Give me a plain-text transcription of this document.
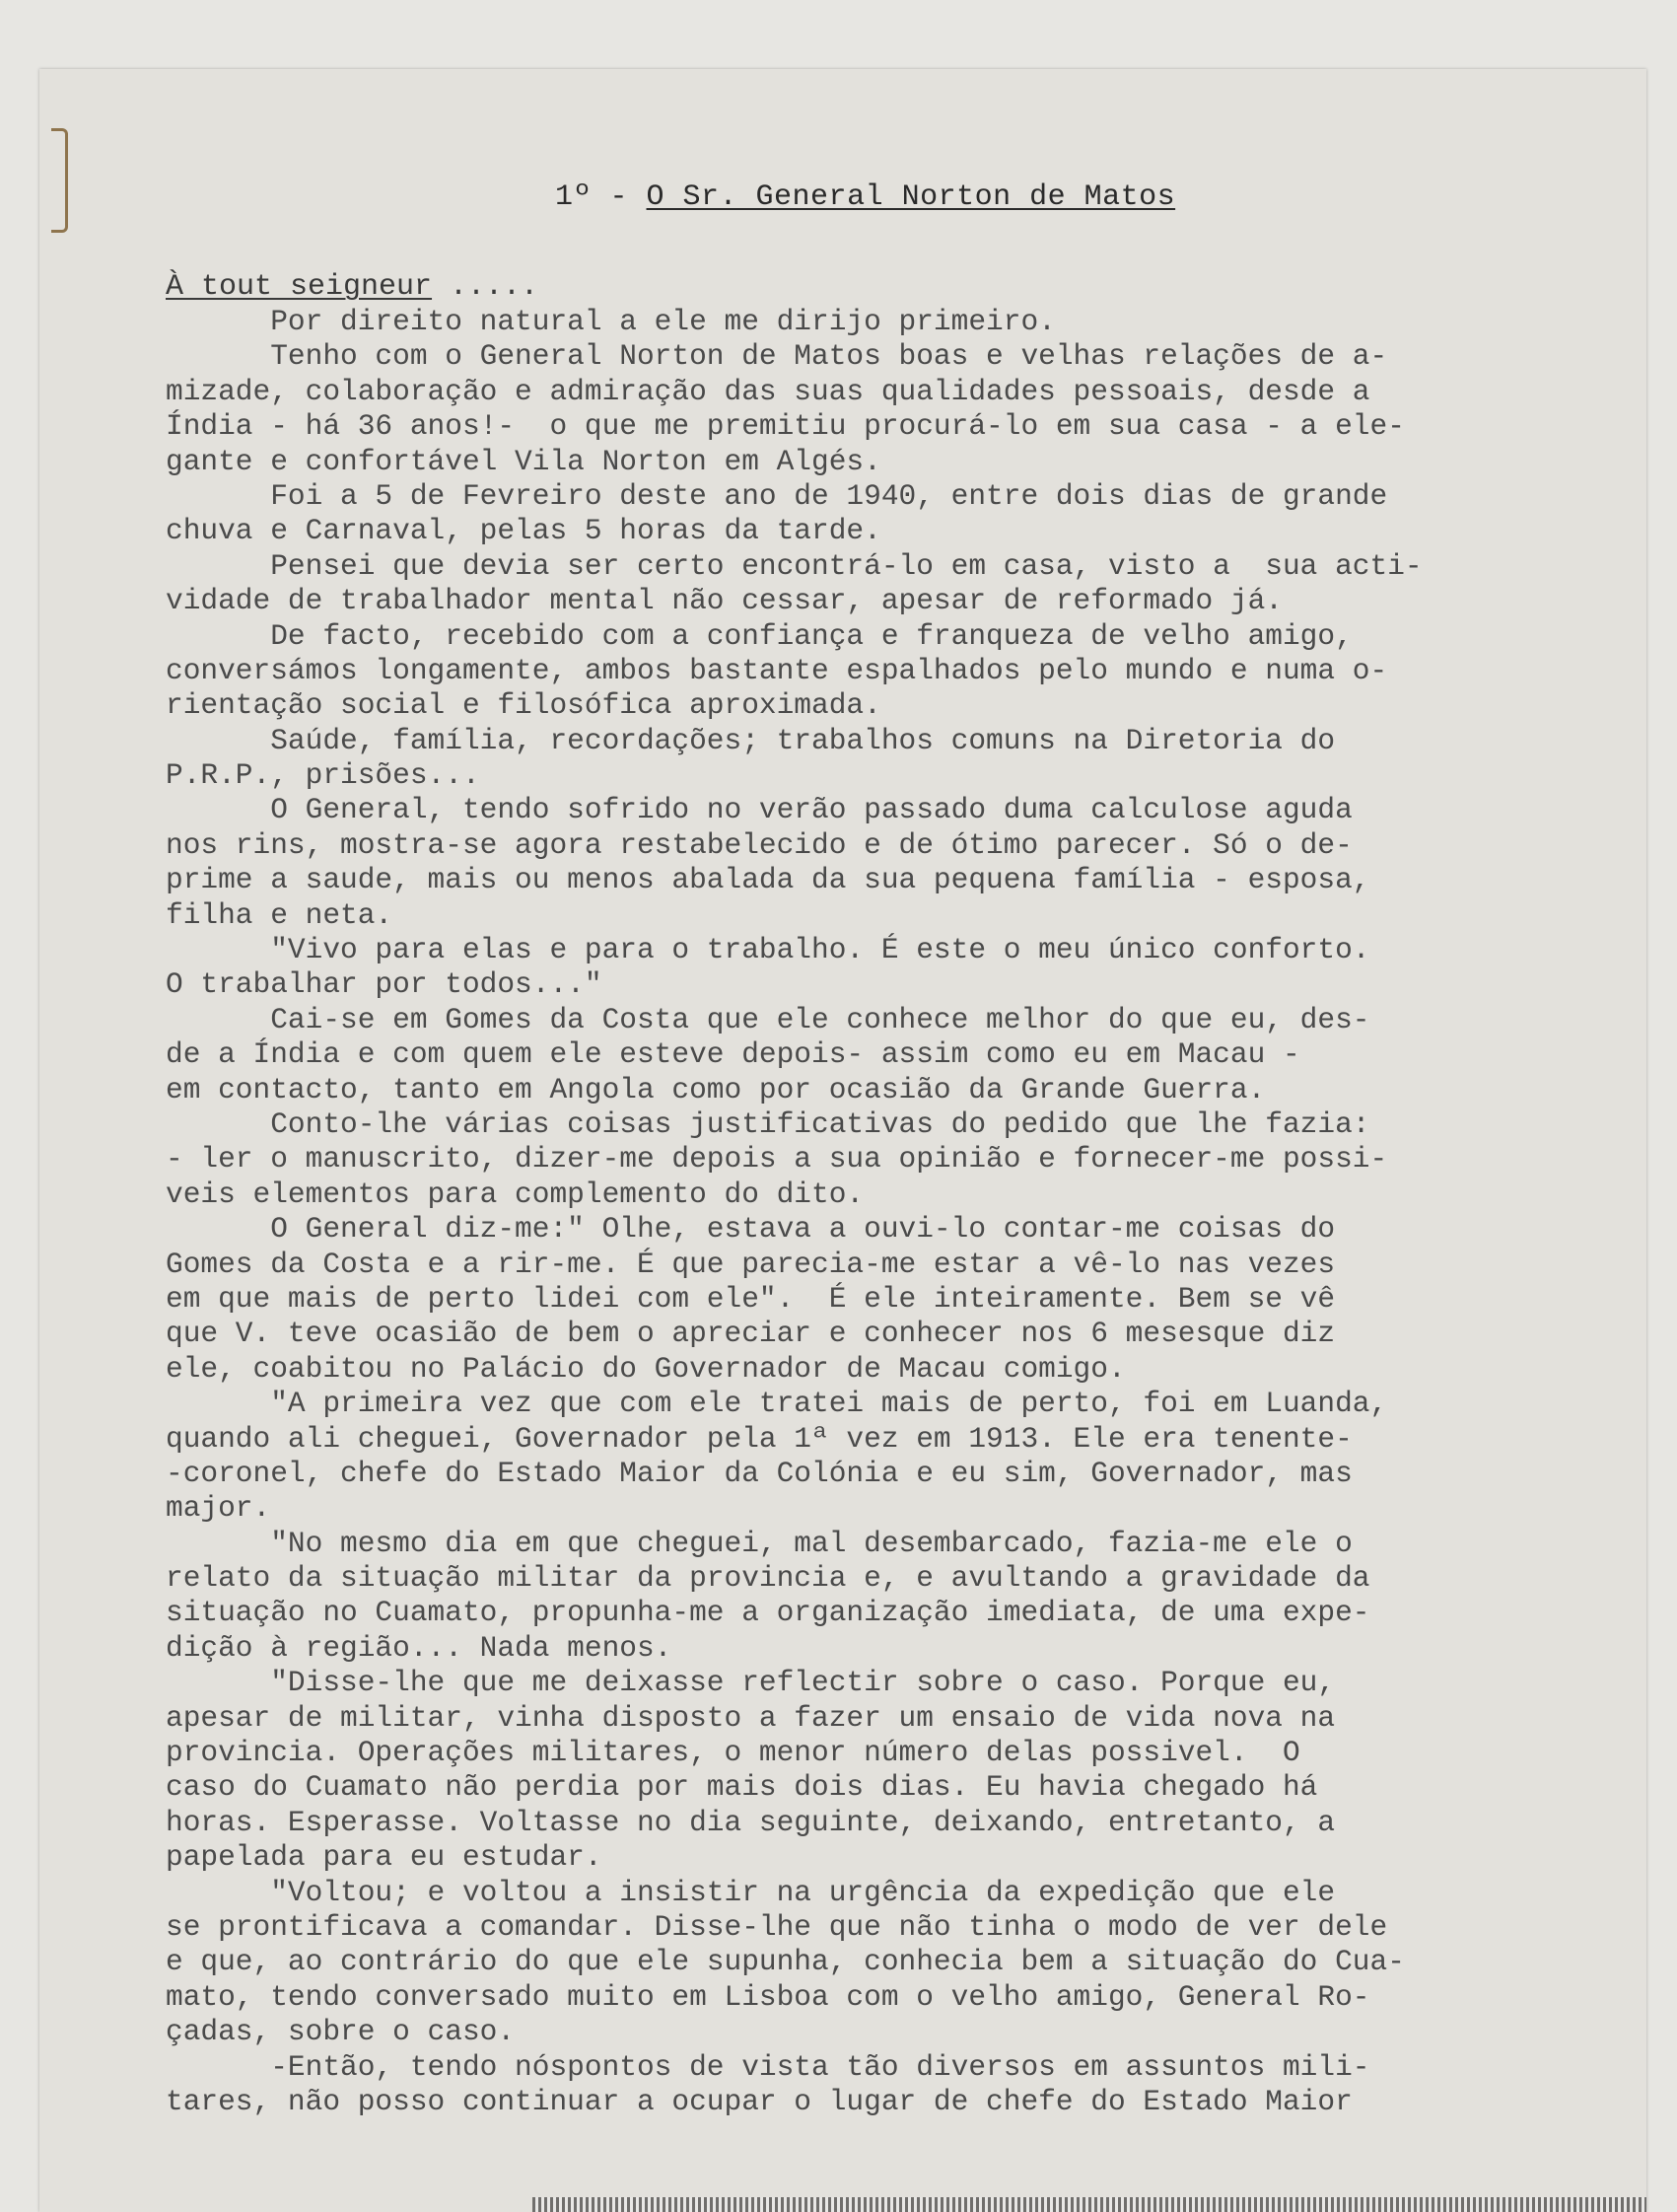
1º - O Sr. General Norton de Matos
À tout seigneur .....
Por direito natural a ele me dirijo primeiro.
Tenho com o General Norton de Matos boas e velhas relações de a-
mizade, colaboração e admiração das suas qualidades pessoais, desde a
Índia - há 36 anos!-  o que me premitiu procurá-lo em sua casa - a ele-
gante e confortável Vila Norton em Algés.
Foi a 5 de Fevreiro deste ano de 1940, entre dois dias de grande
chuva e Carnaval, pelas 5 horas da tarde.
Pensei que devia ser certo encontrá-lo em casa, visto a  sua acti-
vidade de trabalhador mental não cessar, apesar de reformado já.
De facto, recebido com a confiança e franqueza de velho amigo,
conversámos longamente, ambos bastante espalhados pelo mundo e numa o-
rientação social e filosófica aproximada.
Saúde, família, recordações; trabalhos comuns na Diretoria do
P.R.P., prisões...
O General, tendo sofrido no verão passado duma calculose aguda
nos rins, mostra-se agora restabelecido e de ótimo parecer. Só o de-
prime a saude, mais ou menos abalada da sua pequena família - esposa,
filha e neta.
"Vivo para elas e para o trabalho. É este o meu único conforto.
O trabalhar por todos..."
Cai-se em Gomes da Costa que ele conhece melhor do que eu, des-
de a Índia e com quem ele esteve depois- assim como eu em Macau -
em contacto, tanto em Angola como por ocasião da Grande Guerra.
Conto-lhe várias coisas justificativas do pedido que lhe fazia:
- ler o manuscrito, dizer-me depois a sua opinião e fornecer-me possi-
veis elementos para complemento do dito.
O General diz-me:" Olhe, estava a ouvi-lo contar-me coisas do
Gomes da Costa e a rir-me. É que parecia-me estar a vê-lo nas vezes
em que mais de perto lidei com ele".  É ele inteiramente. Bem se vê
que V. teve ocasião de bem o apreciar e conhecer nos 6 mesesque diz
ele, coabitou no Palácio do Governador de Macau comigo.
"A primeira vez que com ele tratei mais de perto, foi em Luanda,
quando ali cheguei, Governador pela 1ª vez em 1913. Ele era tenente-
-coronel, chefe do Estado Maior da Colónia e eu sim, Governador, mas
major.
"No mesmo dia em que cheguei, mal desembarcado, fazia-me ele o
relato da situação militar da provincia e, e avultando a gravidade da
situação no Cuamato, propunha-me a organização imediata, de uma expe-
dição à região... Nada menos.
"Disse-lhe que me deixasse reflectir sobre o caso. Porque eu,
apesar de militar, vinha disposto a fazer um ensaio de vida nova na
provincia. Operações militares, o menor número delas possivel.  O
caso do Cuamato não perdia por mais dois dias. Eu havia chegado há
horas. Esperasse. Voltasse no dia seguinte, deixando, entretanto, a
papelada para eu estudar.
"Voltou; e voltou a insistir na urgência da expedição que ele
se prontificava a comandar. Disse-lhe que não tinha o modo de ver dele
e que, ao contrário do que ele supunha, conhecia bem a situação do Cua-
mato, tendo conversado muito em Lisboa com o velho amigo, General Ro-
çadas, sobre o caso.
-Então, tendo nóspontos de vista tão diversos em assuntos mili-
tares, não posso continuar a ocupar o lugar de chefe do Estado Maior
